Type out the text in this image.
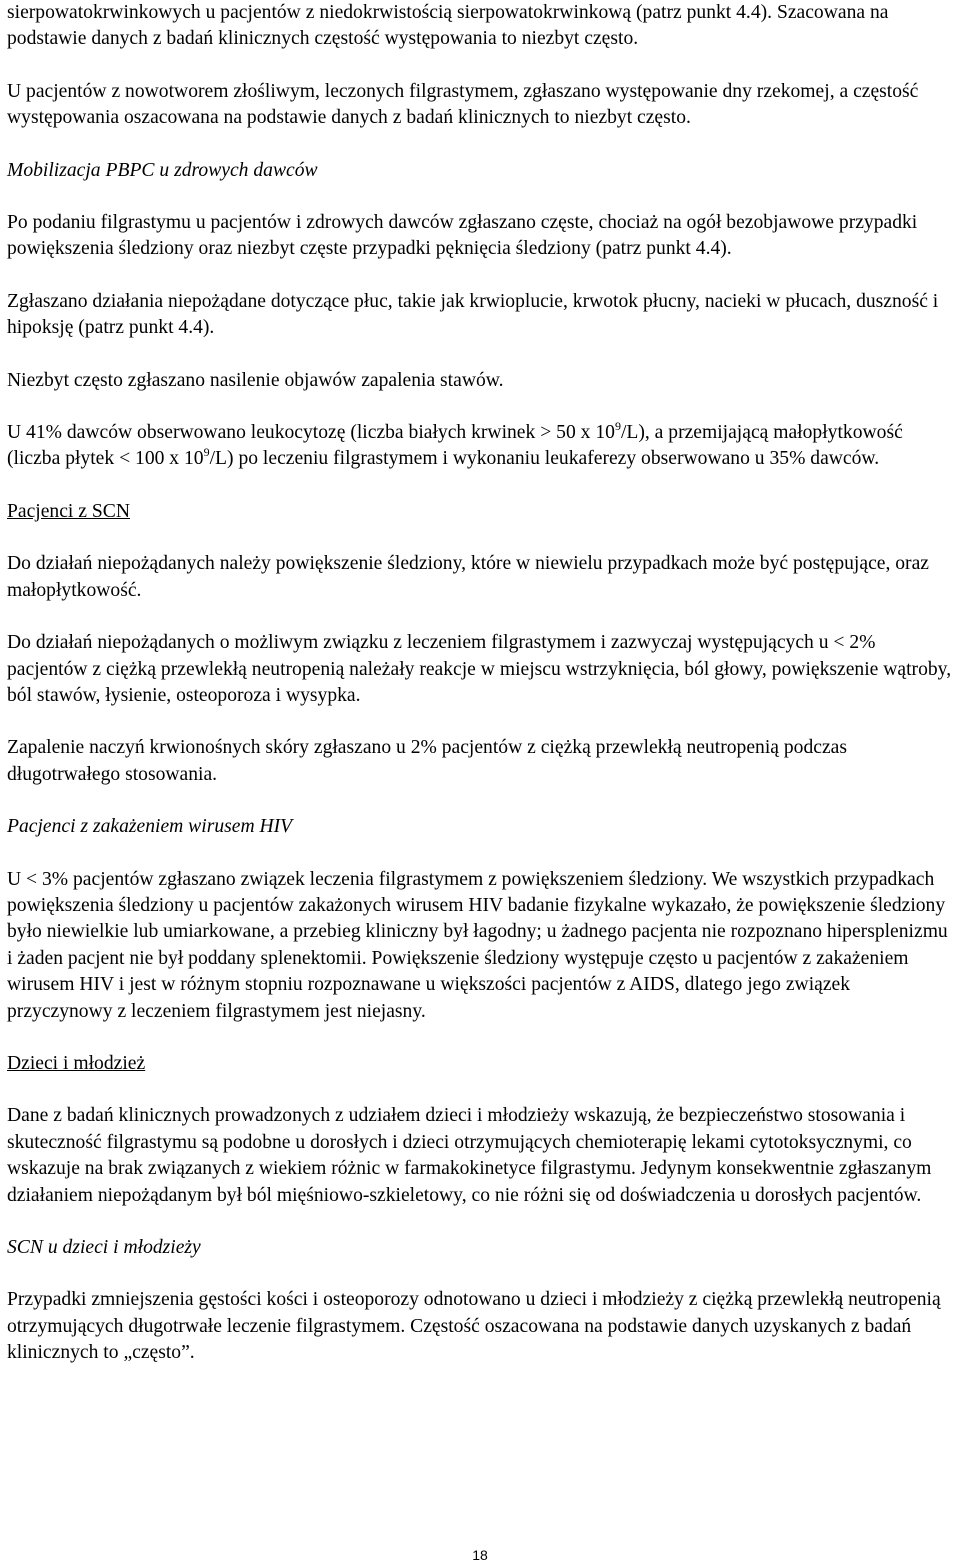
sierpowatokrwinkowych u pacjentów z niedokrwistością sierpowatokrwinkową (patrz punkt 4.4). Szacowana na podstawie danych z badań klinicznych częstość występowania to niezbyt często.

U pacjentów z nowotworem złośliwym, leczonych filgrastymem, zgłaszano występowanie dny rzekomej, a częstość występowania oszacowana na podstawie danych z badań klinicznych to niezbyt często.

Mobilizacja PBPC u zdrowych dawców

Po podaniu filgrastymu u pacjentów i zdrowych dawców zgłaszano częste, chociaż na ogół bezobjawowe przypadki powiększenia śledziony oraz niezbyt częste przypadki pęknięcia śledziony (patrz punkt 4.4).

Zgłaszano działania niepożądane dotyczące płuc, takie jak krwioplucie, krwotok płucny, nacieki w płucach, duszność i hipoksję (patrz punkt 4.4).

Niezbyt często zgłaszano nasilenie objawów zapalenia stawów.

U 41% dawców obserwowano leukocytozę (liczba białych krwinek > 50 x $10^9/L$), a przemijającą małopłytkowość (liczba płytek < 100 x $10^9/L$) po leczeniu filgrastymem i wykonaniu leukaferezy obserwowano u 35% dawców.

Pacjenci z SCN

Do działań niepożądanych należy powiększenie śledziony, które w niewielu przypadkach może być postępujące, oraz małopłytkowość.

Do działań niepożądanych o możliwym związku z leczeniem filgrastymem i zazwyczaj występujących u < 2% pacjentów z ciężką przewlekłą neutropenią należały reakcje w miejscu wstrzyknięcia, ból głowy, powiększenie wątroby, ból stawów, łysienie, osteoporoza i wysypka.

Zapalenie naczyń krwionośnych skóry zgłaszano u 2% pacjentów z ciężką przewlekłą neutropenią podczas długotrwałego stosowania.

Pacjenci z zakażeniem wirusem HIV

U < 3% pacjentów zgłaszano związek leczenia filgrastymem z powiększeniem śledziony. We wszystkich przypadkach powiększenia śledziony u pacjentów zakażonych wirusem HIV badanie fizykalne wykazało, że powiększenie śledziony było niewielkie lub umiarkowane, a przebieg kliniczny był łagodny; u żadnego pacjenta nie rozpoznano hipersplenizmu i żaden pacjent nie był poddany splenektomii. Powiększenie śledziony występuje często u pacjentów z zakażeniem wirusem HIV i jest w różnym stopniu rozpoznawane u większości pacjentów z AIDS, dlatego jego związek przyczynowy z leczeniem filgrastymem jest niejasny.

Dzieci i młodzież

Dane z badań klinicznych prowadzonych z udziałem dzieci i młodzieży wskazują, że bezpieczeństwo stosowania i skuteczność filgrastymu są podobne u dorosłych i dzieci otrzymujących chemioterapię lekami cytotoksycznymi, co wskazuje na brak związanych z wiekiem różnic w farmakokinetyce filgrastymu. Jedynym konsekwentnie zgłaszanym działaniem niepożądanym był ból mięśniowo-szkieletowy, co nie różni się od doświadczenia u dorosłych pacjentów.

SCN u dzieci i młodzieży

Przypadki zmniejszenia gęstości kości i osteoporozy odnotowano u dzieci i młodzieży z ciężką przewlekłą neutropenią otrzymujących długotrwałe leczenie filgrastymem. Częstość oszacowana na podstawie danych uzyskanych z badań klinicznych to „często”.

18
